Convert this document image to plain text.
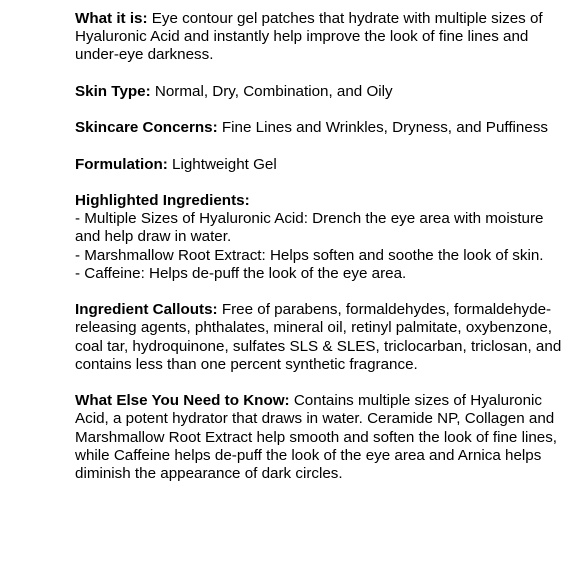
What it is: Eye contour gel patches that hydrate with multiple sizes of Hyaluronic Acid and instantly help improve the look of fine lines and under-eye darkness.

Skin Type: Normal, Dry, Combination, and Oily

Skincare Concerns: Fine Lines and Wrinkles, Dryness, and Puffiness

Formulation: Lightweight Gel

Highlighted Ingredients:
- Multiple Sizes of Hyaluronic Acid: Drench the eye area with moisture and help draw in water.
- Marshmallow Root Extract: Helps soften and soothe the look of skin.
- Caffeine: Helps de-puff the look of the eye area.

Ingredient Callouts: Free of parabens, formaldehydes, formaldehyde-releasing agents, phthalates, mineral oil, retinyl palmitate, oxybenzone, coal tar, hydroquinone, sulfates SLS & SLES, triclocarban, triclosan, and contains less than one percent synthetic fragrance.

What Else You Need to Know: Contains multiple sizes of Hyaluronic Acid, a potent hydrator that draws in water. Ceramide NP, Collagen and Marshmallow Root Extract help smooth and soften the look of fine lines, while Caffeine helps de-puff the look of the eye area and Arnica helps diminish the appearance of dark circles.
